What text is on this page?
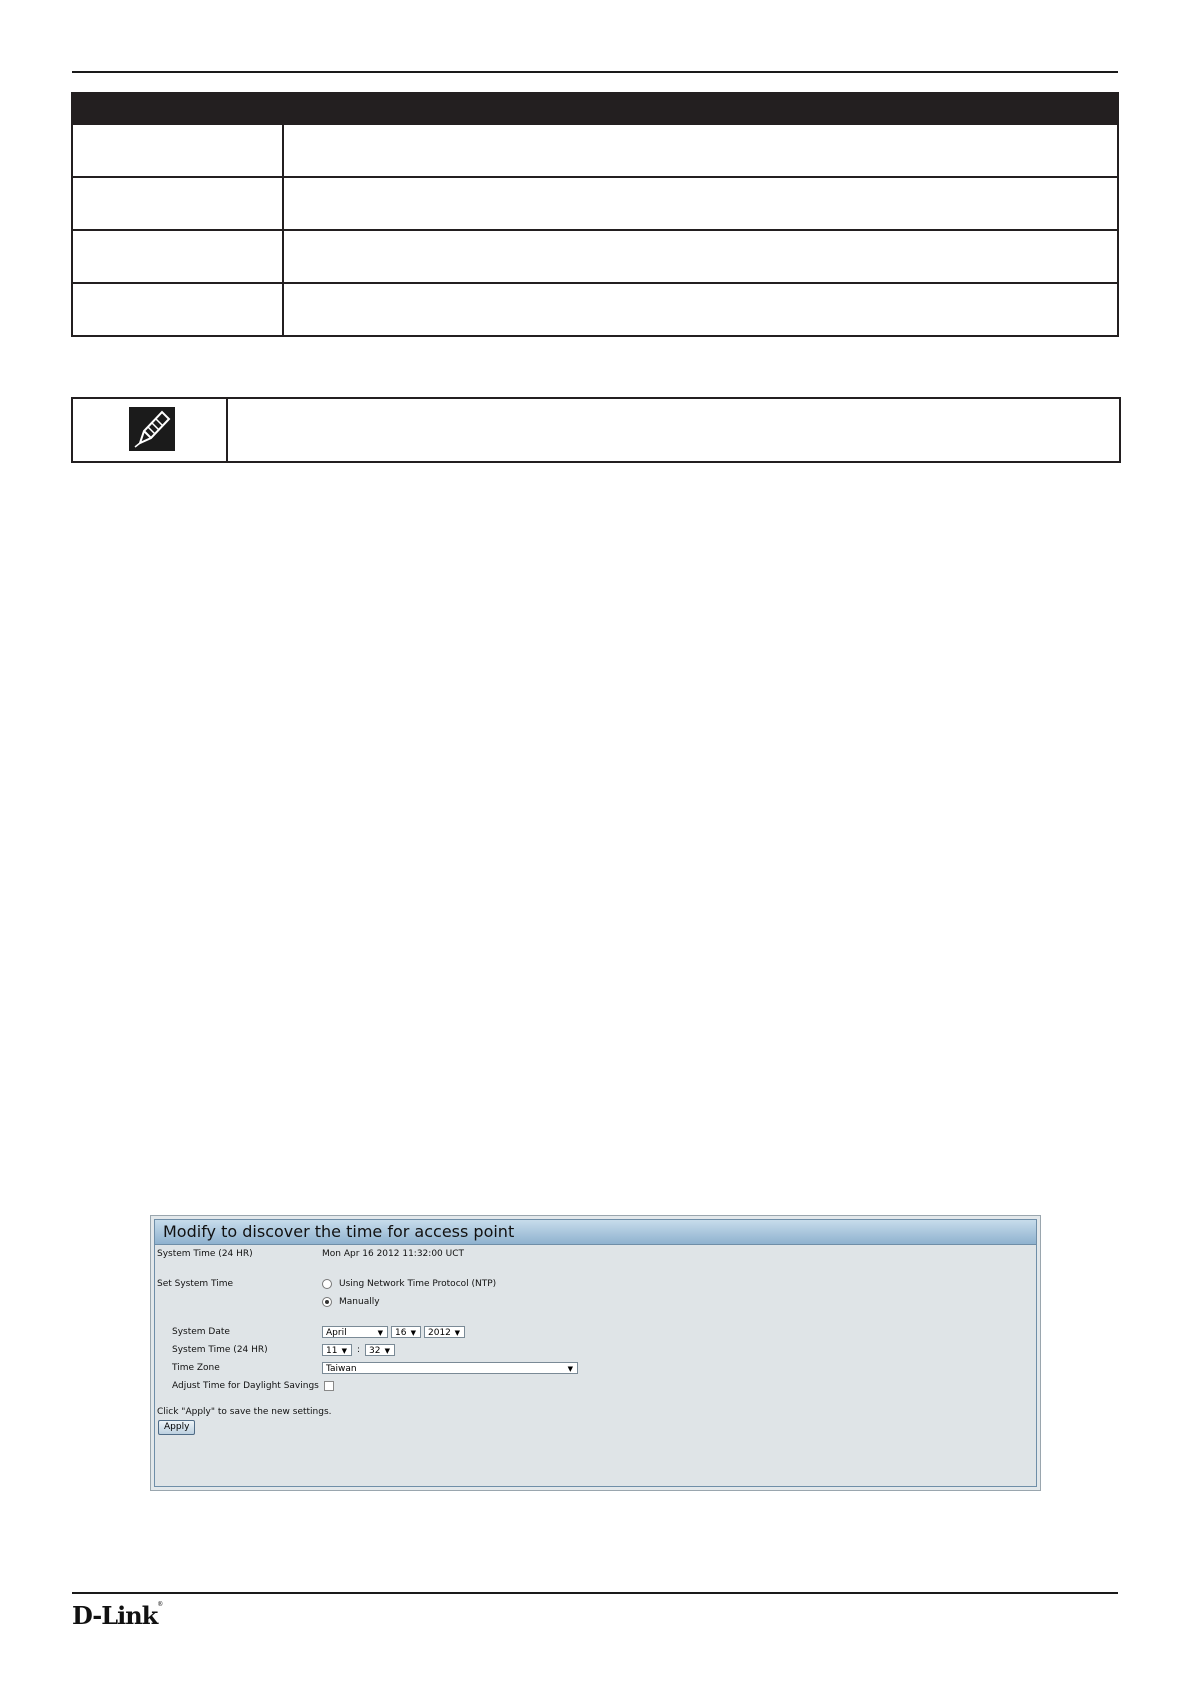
Modify to discover the time for access point
System Time (24 HR)	Mon Apr 16 2012 11:32:00 UCT
Set System Time	Using Network Time Protocol (NTP)
Manually
System Date	April	▼	16 ▼	2012 ▼
System Time (24 HR)	11 ▼ : 32 ▼
Time Zone	Taiwan	▼
Adjust Time for Daylight Savings
Click "Apply" to save the new settings.
Apply
D-Link®
